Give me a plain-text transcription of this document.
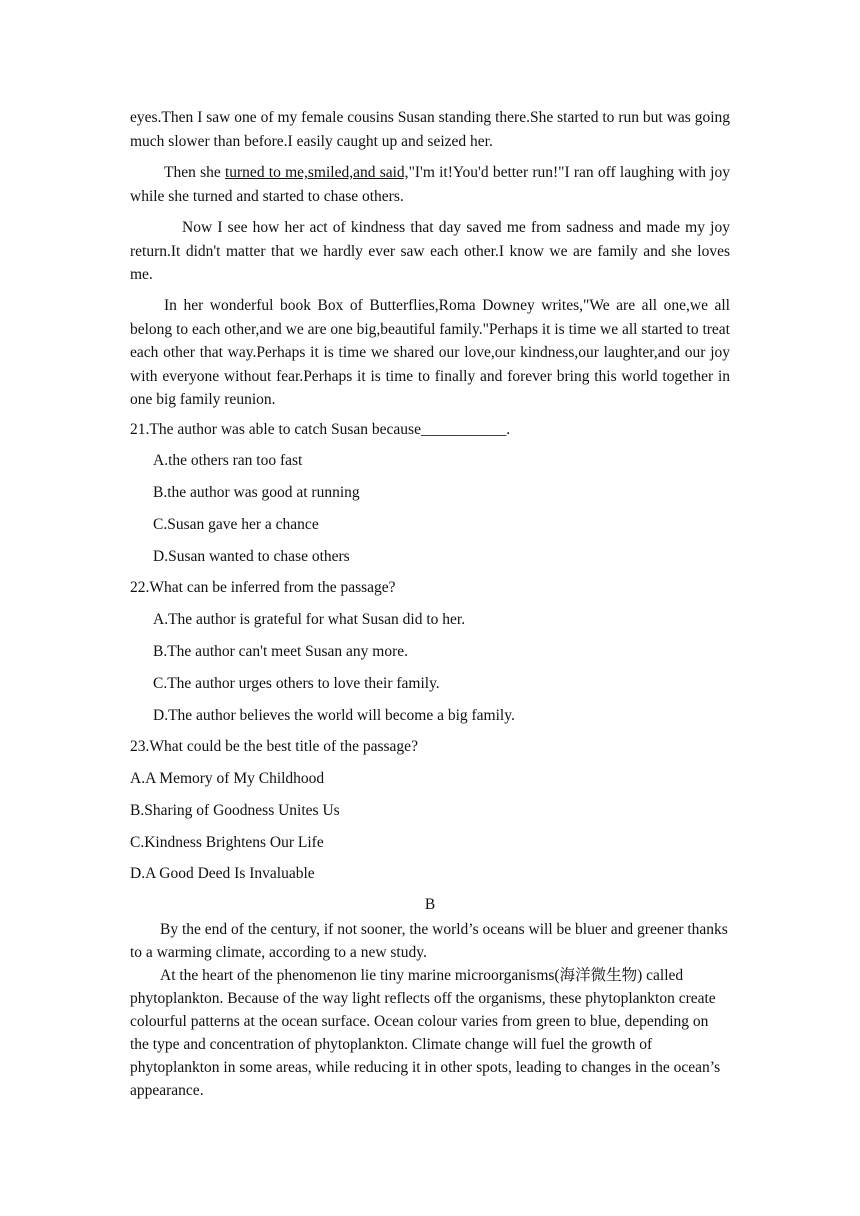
eyes.Then I saw one of my female cousins Susan standing there.She started to run but was going much slower than before.I easily caught up and seized her.

Then she turned to me,smiled,and said,"I'm it!You'd better run!"I ran off laughing with joy while she turned and started to chase others.

Now I see how her act of kindness that day saved me from sadness and made my joy return.It didn't matter that we hardly ever saw each other.I know we are family and she loves me.

In her wonderful book Box of Butterflies,Roma Downey writes,"We are all one,we all belong to each other,and we are one big,beautiful family."Perhaps it is time we all started to treat each other that way.Perhaps it is time we shared our love,our kindness,our laughter,and our joy with everyone without fear.Perhaps it is time to finally and forever bring this world together in one big family reunion.

21.The author was able to catch Susan because___________.

A.the others ran too fast

B.the author was good at running

C.Susan gave her a chance

D.Susan wanted to chase others

22.What can be inferred from the passage?

A.The author is grateful for what Susan did to her.

B.The author can't meet Susan any more.

C.The author urges others to love their family.

D.The author believes the world will become a big family.

23.What could be the best title of the passage?

A.A Memory of My Childhood

B.Sharing of Goodness Unites Us

C.Kindness Brightens Our Life

D.A Good Deed Is Invaluable

B

By the end of the century, if not sooner, the world’s oceans will be bluer and greener thanks to a warming climate, according to a new study.

At the heart of the phenomenon lie tiny marine microorganisms(海洋微生物) called phytoplankton. Because of the way light reflects off the organisms, these phytoplankton create colourful patterns at the ocean surface. Ocean colour varies from green to blue, depending on the type and concentration of phytoplankton. Climate change will fuel the growth of phytoplankton in some areas, while reducing it in other spots, leading to changes in the ocean’s appearance.
